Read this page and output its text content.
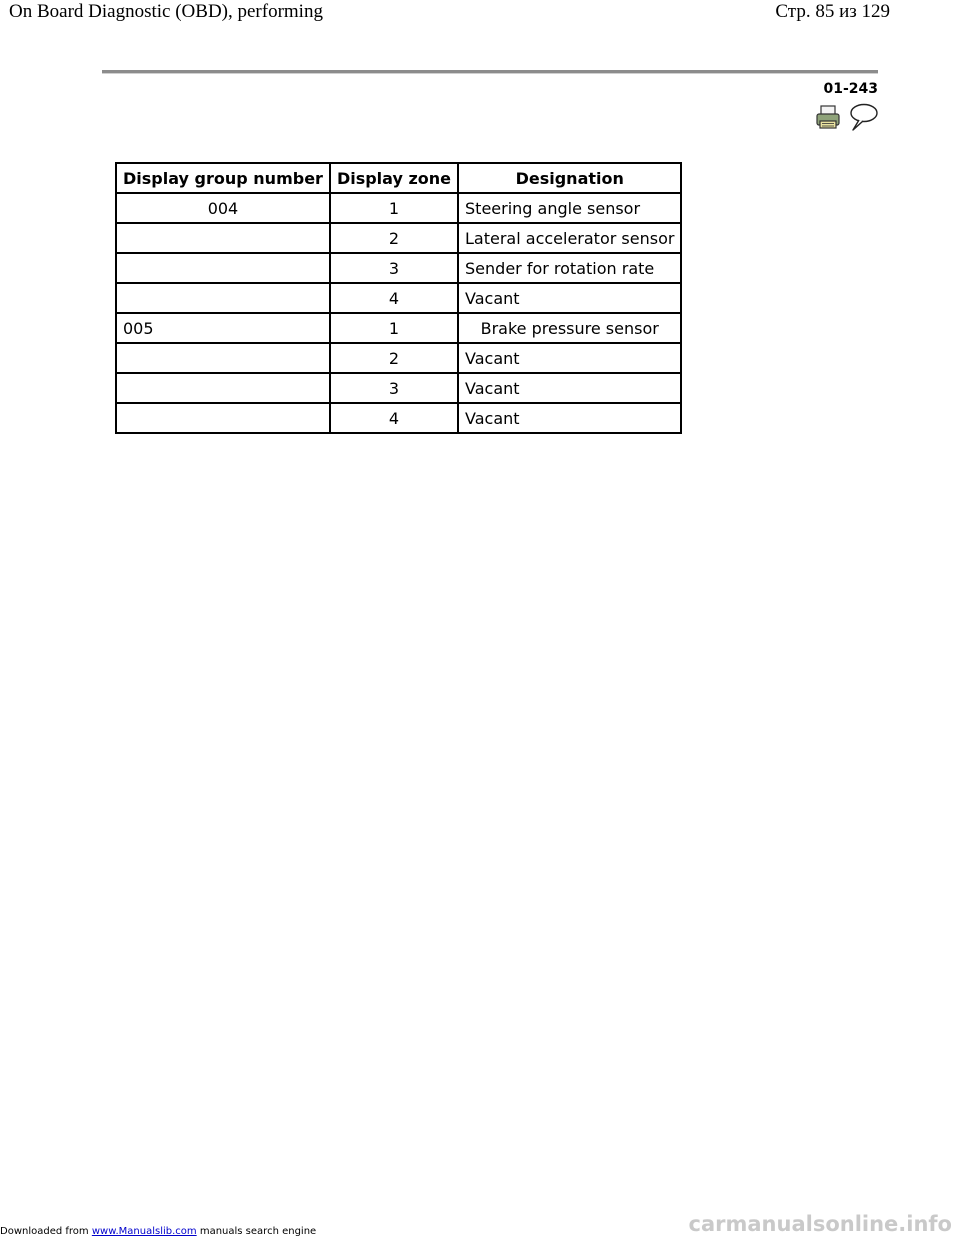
On Board Diagnostic (OBD), performing	Стр. 85 из 129
01-243
Display group number	Display zone	Designation
004	1	Steering angle sensor
	2	Lateral accelerator sensor
	3	Sender for rotation rate
	4	Vacant
005	1	Brake pressure sensor
	2	Vacant
	3	Vacant
	4	Vacant
Downloaded from www.Manualslib.com manuals search engine	carmanualsonline.info
